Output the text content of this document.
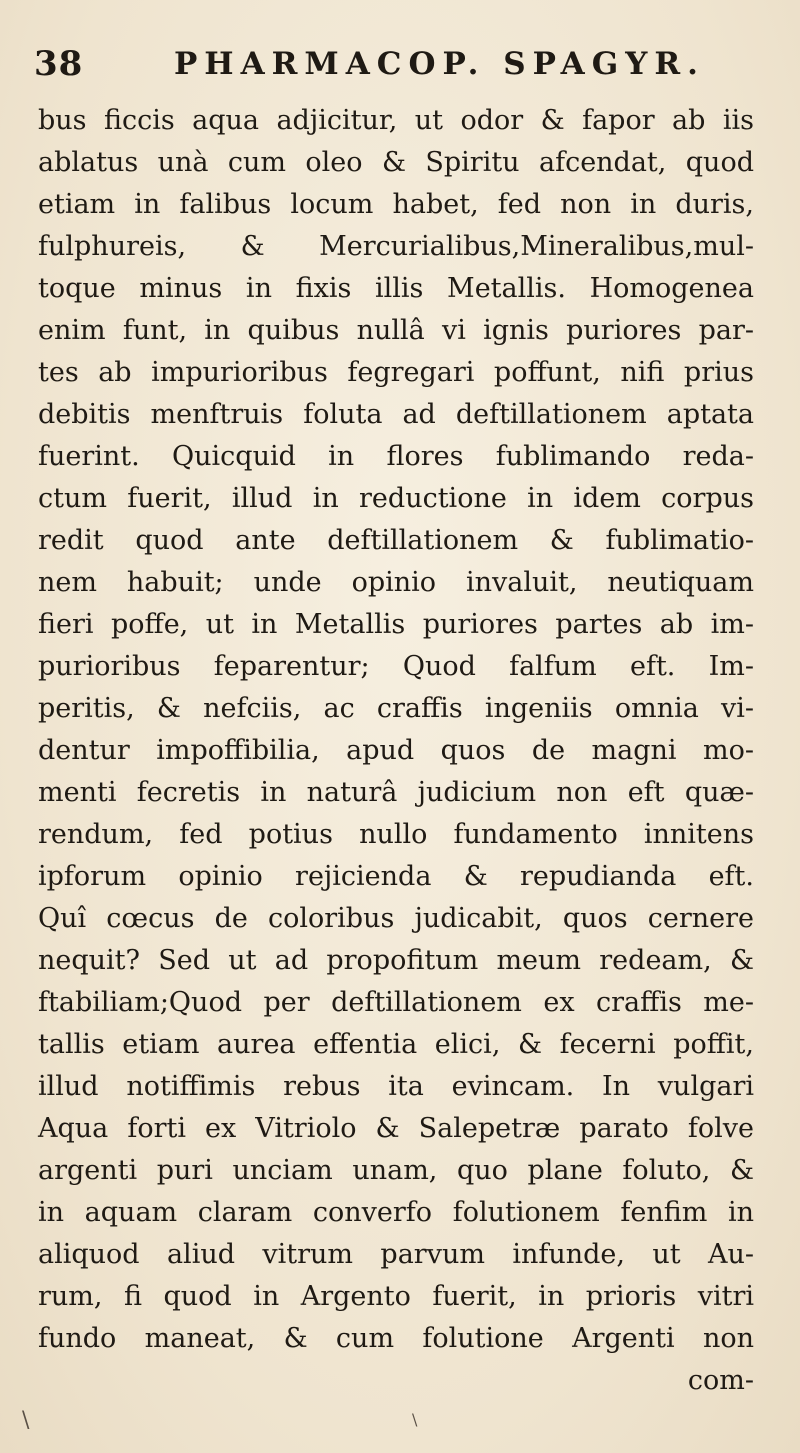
38	PHARMACOP. SPAGYR.
bus ficcis aqua adjicitur, ut odor & fapor ab iis
ablatus unà cum oleo & Spiritu afcendat, quod
etiam in falibus locum habet, fed non in duris,
fulphureis, & Mercurialibus,Mineralibus,mul-
toque minus in fixis illis Metallis. Homogenea
enim funt, in quibus nullâ vi ignis puriores par-
tes ab impurioribus fegregari poffunt, nifi prius
debitis menftruis foluta ad deftillationem aptata
fuerint. Quicquid in flores fublimando reda-
ctum fuerit, illud in reductione in idem corpus
redit quod ante deftillationem & fublimatio-
nem habuit; unde opinio invaluit, neutiquam
fieri poffe, ut in Metallis puriores partes ab im-
purioribus feparentur; Quod falfum eft. Im-
peritis, & nefciis, ac craffis ingeniis omnia vi-
dentur impoffibilia, apud quos de magni mo-
menti fecretis in naturâ judicium non eft quæ-
rendum, fed potius nullo fundamento innitens
ipforum opinio rejicienda & repudianda eft.
Quî cœcus de coloribus judicabit, quos cernere
nequit? Sed ut ad propofitum meum redeam, &
ftabiliam;Quod per deftillationem ex craffis me-
tallis etiam aurea effentia elici, & fecerni poffit,
illud notiffimis rebus ita evincam. In vulgari
Aqua forti ex Vitriolo & Salepetræ parato folve
argenti puri unciam unam, quo plane foluto, &
in aquam claram converfo folutionem fenfim in
aliquod aliud vitrum parvum infunde, ut Au-
rum, fi quod in Argento fuerit, in prioris vitri
fundo maneat, & cum folutione Argenti non
com-
\	\
